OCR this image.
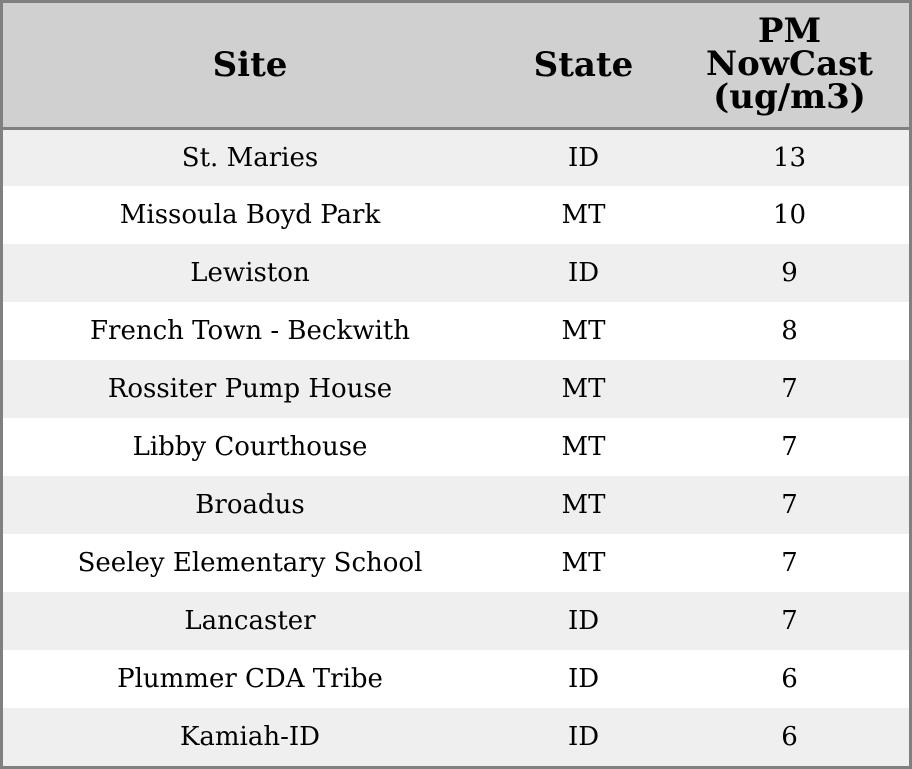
Site	State	PM
NowCast
(ug/m3)

St. Maries	ID	13
Missoula Boyd Park	MT	10
Lewiston	ID	9
French Town - Beckwith	MT	8
Rossiter Pump House	MT	7
Libby Courthouse	MT	7
Broadus	MT	7
Seeley Elementary School	MT	7
Lancaster	ID	7
Plummer CDA Tribe	ID	6
Kamiah-ID	ID	6
